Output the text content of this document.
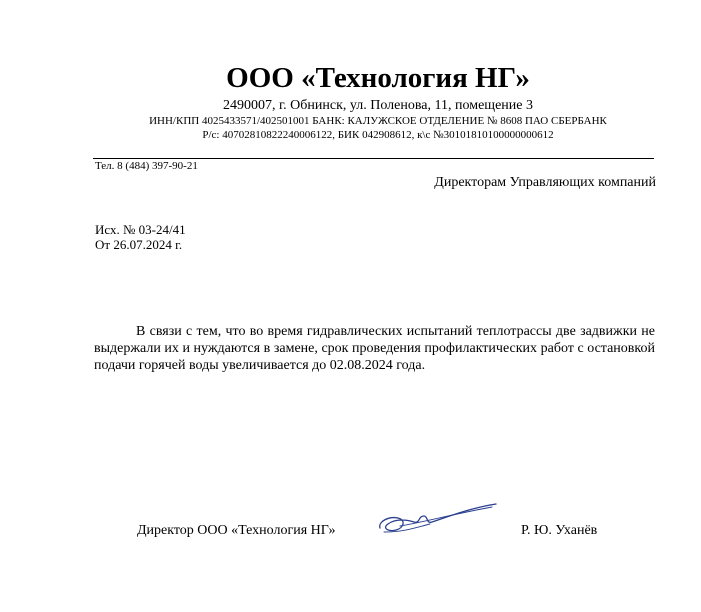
ООО «Технология НГ»
2490007, г. Обнинск, ул. Поленова, 11, помещение 3
ИНН/КПП 4025433571/402501001 БАНК: КАЛУЖСКОЕ ОТДЕЛЕНИЕ № 8608 ПАО СБЕРБАНК
Р/с: 40702810822240006122, БИК 042908612, к\с №30101810100000000612
Тел. 8 (484) 397-90-21
Директорам Управляющих компаний
Исх. № 03-24/41
От 26.07.2024 г.

В связи с тем, что во время гидравлических испытаний теплотрассы две задвижки не выдержали их и нуждаются в замене, срок проведения профилактических работ с остановкой подачи горячей воды увеличивается до 02.08.2024 года.

Директор ООО «Технология НГ»	Р. Ю. Уханёв
